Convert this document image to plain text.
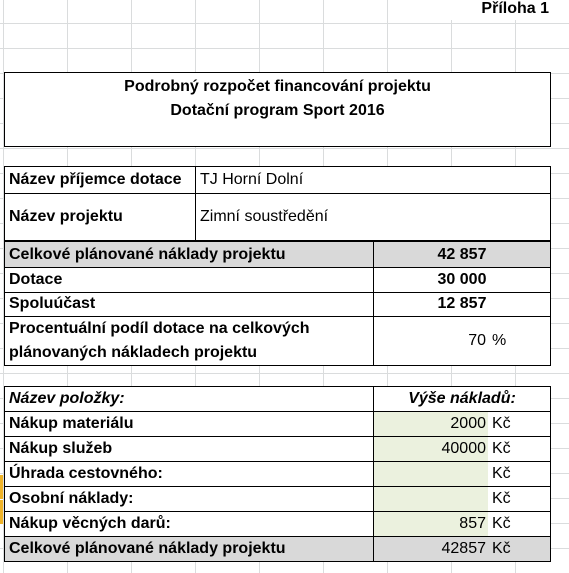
Příloha 1
Podrobný rozpočet financování projektu
Dotační program Sport 2016
Název příjemce dotace	TJ Horní Dolní
Název projektu	Zimní soustředění
Celkové plánované náklady projektu	42 857
Dotace	30 000
Spoluúčast	12 857
Procentuální podíl dotace na celkových
plánovaných nákladech projektu
70 %
Název položky:	Výše nákladů:
Nákup materiálu	2000 Kč
Nákup služeb	40000 Kč
Úhrada cestovného:	Kč
Osobní náklady:	Kč
Nákup věcných darů:	857 Kč
Celkové plánované náklady projektu	42857 Kč
